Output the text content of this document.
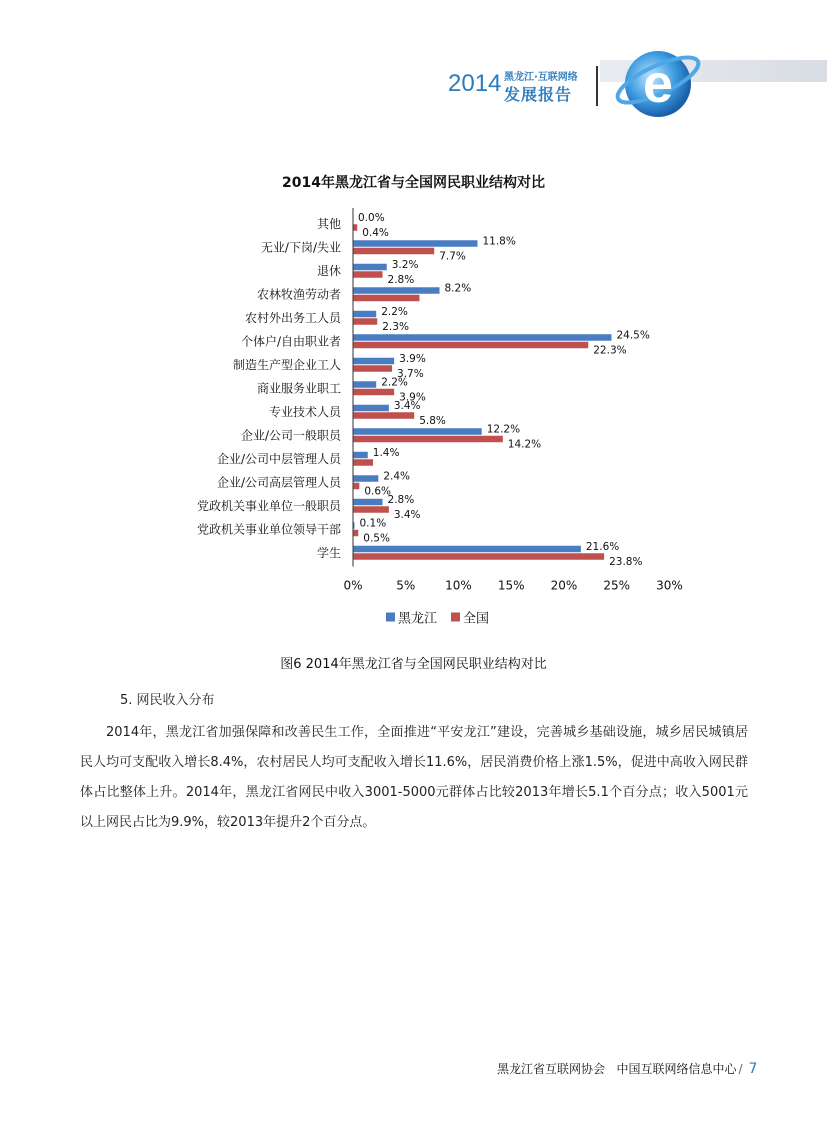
2014 黑龙江·互联网络
发展报告 e
2014年黑龙江省与全国网民职业结构对比
其他 0.0%
0.4%
无业/下岗/失业	11.8%
7.7%
退休	3.2%
2.8%
农林牧渔劳动者	8.2%
农村外出务工人员	2.2%
2.3%
个体户/自由职业者	24.5%
22.3%
制造生产型企业工人	3.9%
3.7%
商业服务业职工	2.2%
3.9%
专业技术人员	3.4%
5.8%
企业/公司一般职员	12.2%
14.2%
企业/公司中层管理人员	1.4%
企业/公司高层管理人员	2.4%
0.6%
党政机关事业单位一般职员	2.8%
3.4%
党政机关事业单位领导干部 0.1%
0.5%
学生	21.6%
23.8%
0%	5% 10% 15% 20% 25% 30%
黑龙江 全国
图6 2014年黑龙江省与全国网民职业结构对比
5. 网民收入分布
2014年，黑龙江省加强保障和改善民生工作，全面推进“平安龙江”建设，完善城乡基础设施，城乡居民城镇居民人均可支配收入增长8.4%，农村居民人均可支配收入增长11.6%，居民消费价格上涨1.5%，促进中高收入网民群体占比整体上升。2014年，黑龙江省网民中收入3001-5000元群体占比较2013年增长5.1个百分点；收入5001元以上网民占比为9.9%，较2013年提升2个百分点。
黑龙江省互联网协会 中国互联网络信息中心 / 7
